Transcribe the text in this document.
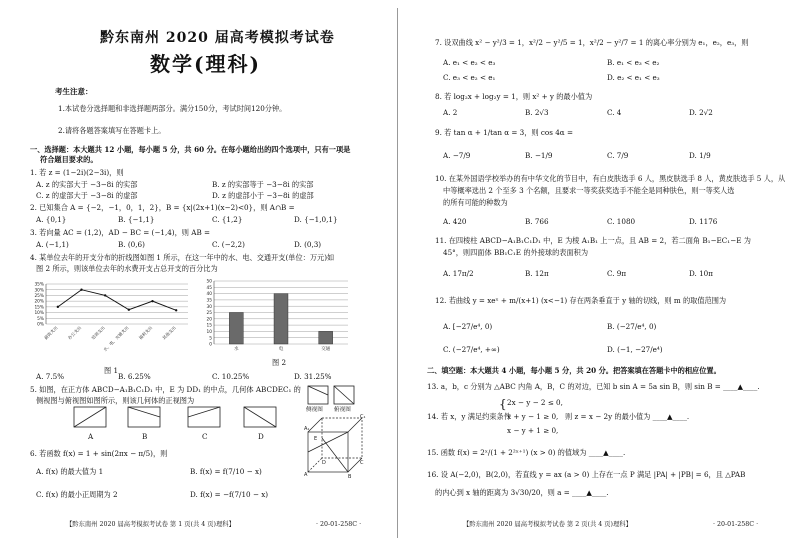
黔东南州 2020 届高考模拟考试卷
数学(理科)
考生注意：
1.本试卷分选择题和非选择题两部分。满分150分，考试时间120分钟。
2.请将各题答案填写在答题卡上。
一、选择题：本大题共 12 小题，每小题 5 分，共 60 分。在每小题给出的四个选项中，只有一项是
符合题目要求的。
1. 若 z = (1−2i)(2−3i)，则
A. z 的实部大于 −3−8i 的实部	B. z 的实部等于 −3−8i 的实部
C. z 的虚部大于 −3−8i 的虚部	D. z 的虚部小于 −3−8i 的虚部
2. 已知集合 A = {−2，−1，0，1，2}，B = {x|(2x+1)(x−2)<0}，则 A∩B =
A. {0,1}	B. {−1,1}	C. {1,2}	D. {−1,0,1}
3. 若向量 AC = (1,2)，AD − BC = (−1,4)，则 AB =
A. (−1,1)	B. (0,6)	C. (−2,2)	D. (0,3)
4. 某单位去年的开支分布的折线图如图 1 所示，在这一年中的水、电、交通开支(单位：万元)如
图 2 所示，则该单位去年的水费开支占总开支的百分比为
35%
30%
25%
20%
15%
10%
5%
0%
薪资支出 办公支出 培训支出
水、电、交通支出 福利支出 其他支出
图 1
50
45
40
35
30
25
20
15
10
5
0
水	电	交通
图 2
A. 7.5%	B. 6.25%	C. 10.25%	D. 31.25%
5. 如图，在正方体 ABCD−A₁B₁C₁D₁ 中，E 为 DD₁ 的中点，几何体 ABCDEC₁ 的
侧视图与俯视图如图所示，则该几何体的正视图为
侧视图 俯视图
A	B	C	D
A	B
C
D
A₁
C₁
E
6. 若函数 f(x) = 1 + sin(2πx − π/5)，则
A. f(x) 的最大值为 1	B. f(x) = f(7/10 − x)
C. f(x) 的最小正周期为 2	D. f(x) = −f(7/10 − x)
【黔东南州 2020 届高考模拟考试卷 第 1 页(共 4 页)理科】	· 20-01-258C ·
7. 设双曲线 x² − y²/3 = 1，x²/2 − y²/5 = 1，x²/2 − y²/7 = 1 的离心率分别为 e₁，e₂，e₃，则
A. e₁ < e₂ < e₃	B. e₁ < e₃ < e₂
C. e₃ < e₂ < e₁	D. e₂ < e₁ < e₃
8. 若 log₂x + log₂y = 1，则 x² + y 的最小值为
A. 2	B. 2√3	C. 4	D. 2√2
9. 若 tan α + 1/tan α = 3，则 cos 4α =
A. −7/9	B. −1/9	C. 7/9	D. 1/9
10. 在某外国语学校举办的有中华文化的节目中，有白皮肤选手 6 人，黑皮肤选手 8 人，黄皮肤选手 5 人，从
中等概率选出 2 个至多 3 个名额，且要求一等奖获奖选手不能全是同种肤色，则一等奖人选
的所有可能的种数为
A. 420	B. 766	C. 1080	D. 1176
11. 在四棱柱 ABCD−A₁B₁C₁D₁ 中，E 为棱 A₁B₁ 上一点，且 AB = 2，若二面角 B₁−EC₁−E 为
45°，则四面体 BB₁C₁E 的外接球的表面积为
A. 17π/2	B. 12π	C. 9π	D. 10π
12. 若曲线 y = xeˣ + m/(x+1) (x<−1) 存在两条垂直于 y 轴的切线，则 m 的取值范围为
A. [−27/e⁴, 0)	B. (−27/e⁴, 0)
C. (−27/e⁴, +∞)	D. (−1, −27/e⁴)
二、填空题：本大题共 4 小题，每小题 5 分，共 20 分。把答案填在答题卡中的相应位置。
13. a，b，c 分别为 △ABC 内角 A，B，C 的对边，已知 b sin A = 5a sin B，则 sin B = ____▲____.
14. 若 x，y 满足约束条件
{ 2x − y − 2 ≤ 0,
x + y − 1 ≥ 0,
x − y + 1 ≥ 0,
则 z = x − 2y 的最小值为 ____▲____.
15. 函数 f(x) = 2ˣ/(1 + 2²ˣ⁺¹) (x > 0) 的值域为 ____▲____.
16. 设 A(−2,0)，B(2,0)，若直线 y = ax (a > 0) 上存在一点 P 满足 |PA| + |PB| = 6，且 △PAB
的内心到 x 轴的距离为 3√30/20，则 a = ____▲____.
【黔东南州 2020 届高考模拟考试卷 第 2 页(共 4 页)理科】	· 20-01-258C ·
